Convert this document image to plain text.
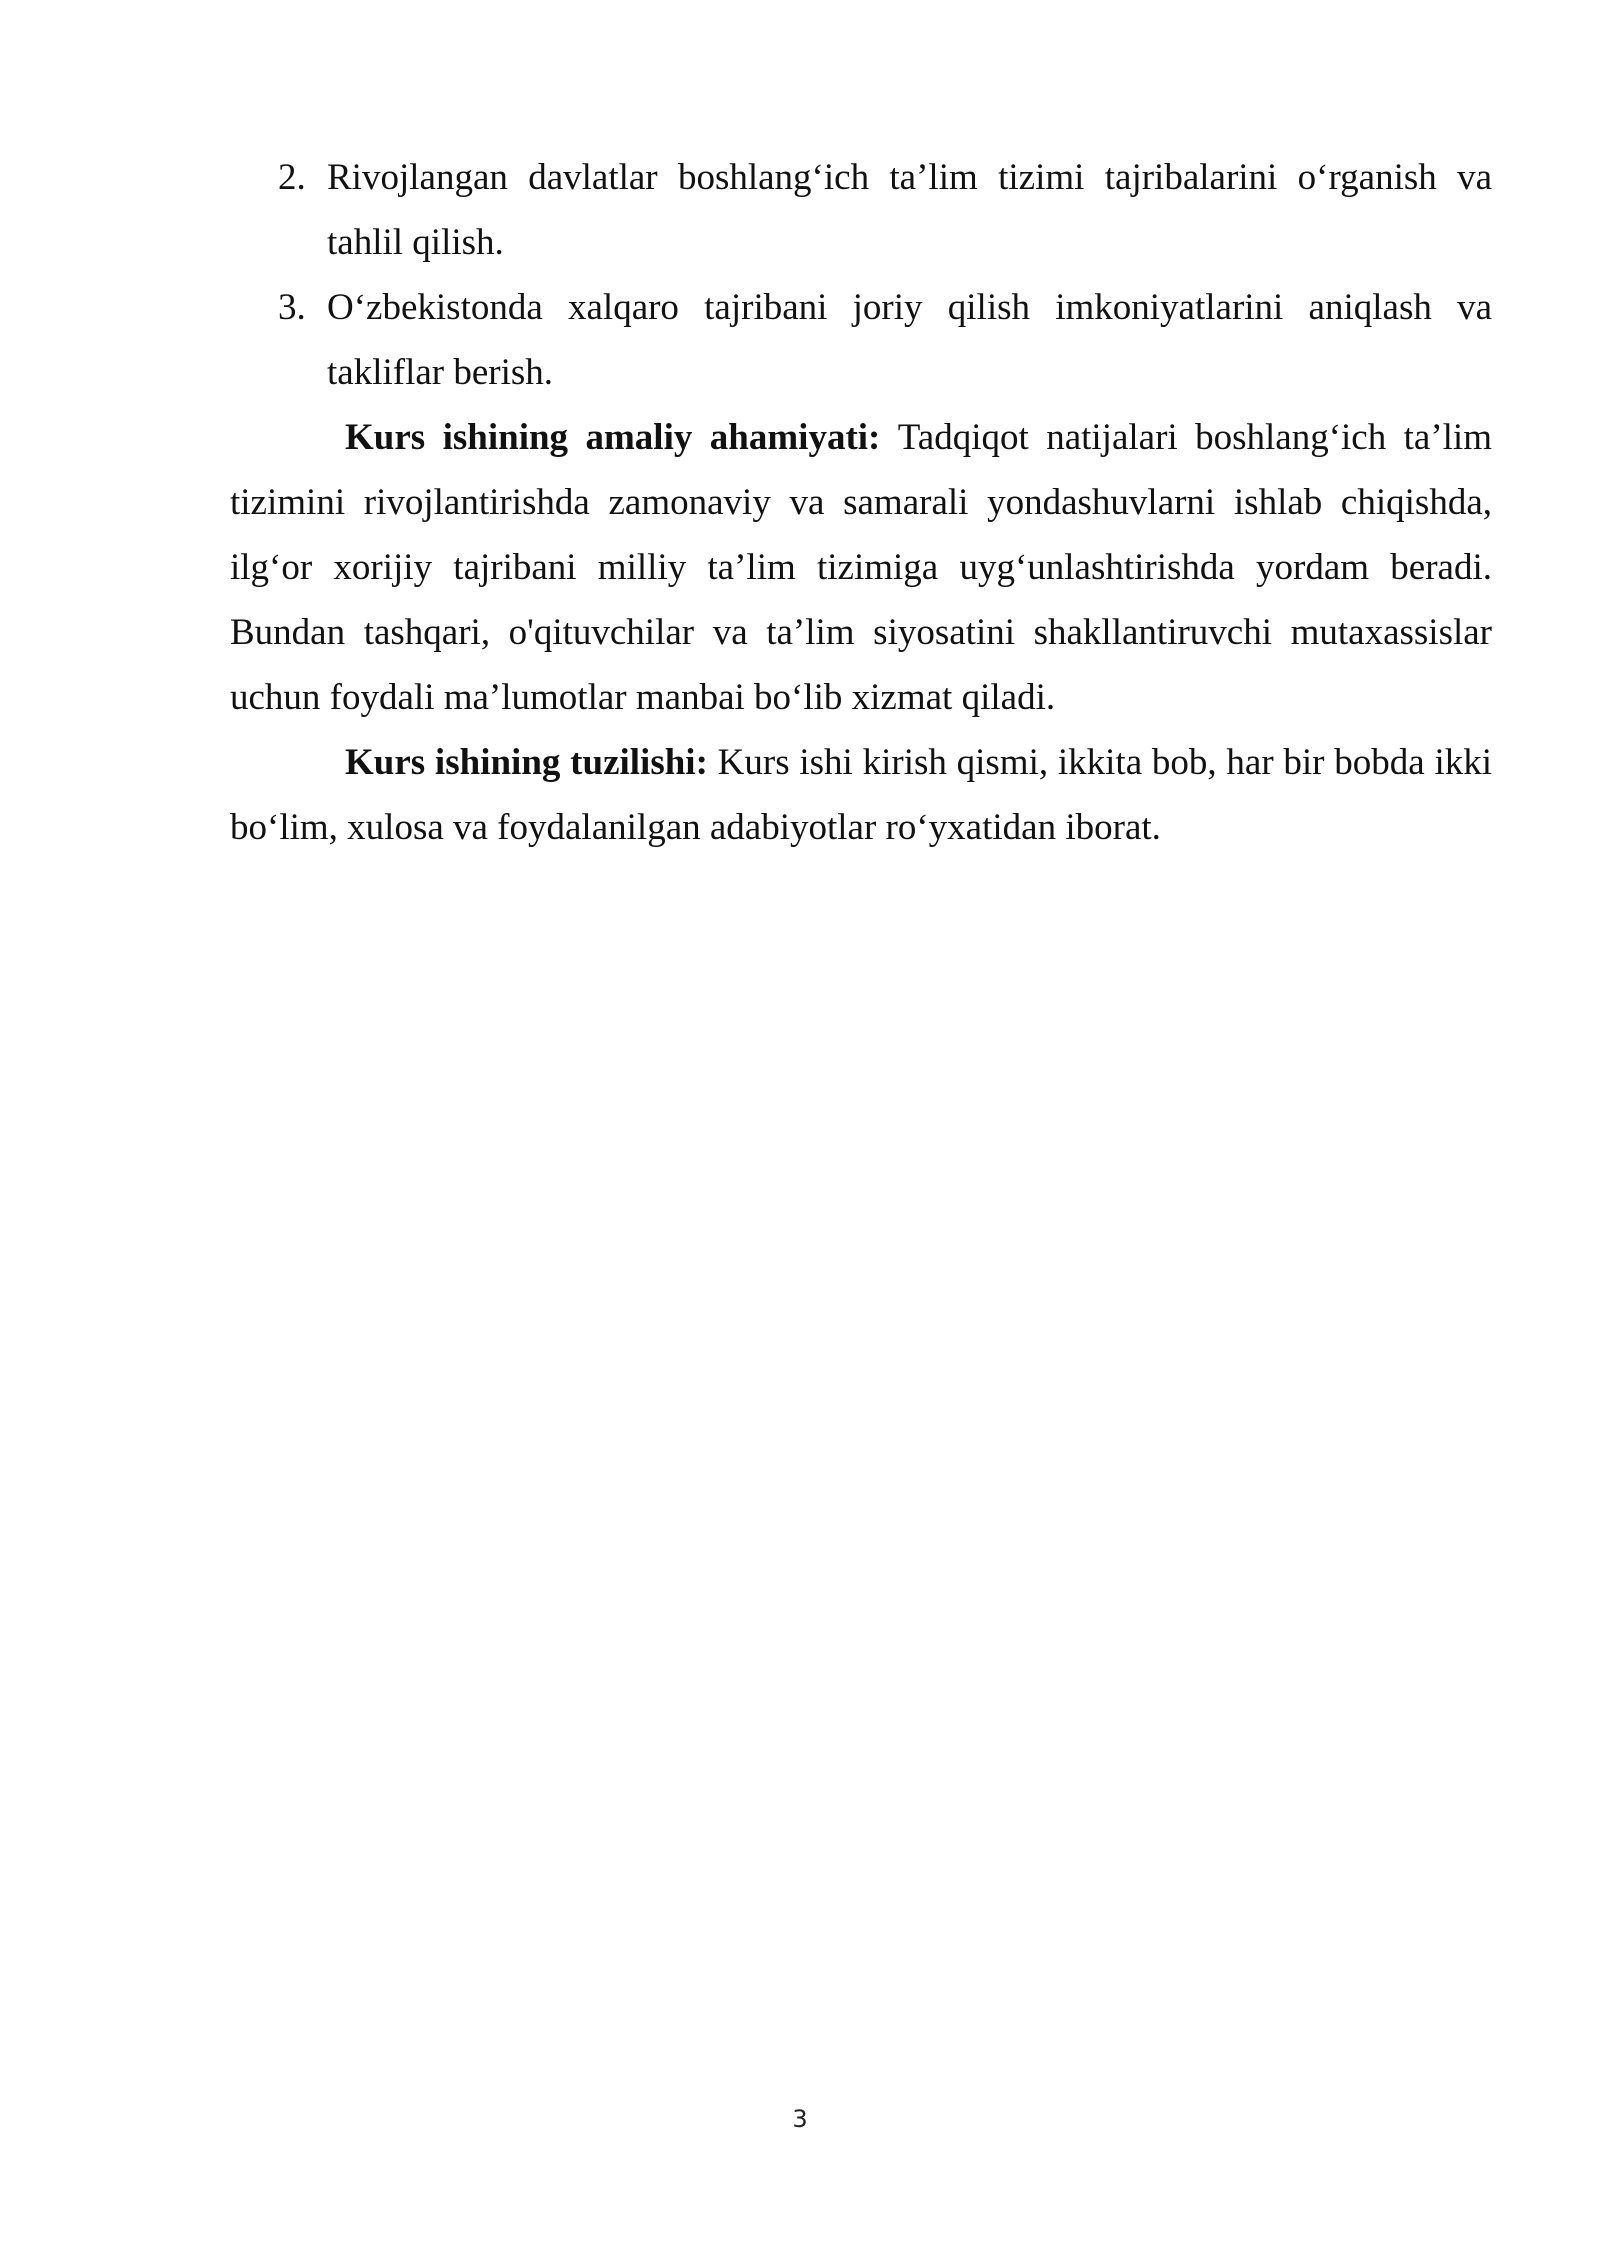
2. Rivojlangan davlatlar boshlang‘ich ta’lim tizimi tajribalarini o‘rganish va tahlil qilish.
3. O‘zbekistonda xalqaro tajribani joriy qilish imkoniyatlarini aniqlash va takliflar berish.

Kurs ishining amaliy ahamiyati: Tadqiqot natijalari boshlang‘ich ta’lim tizimini rivojlantirishda zamonaviy va samarali yondashuvlarni ishlab chiqishda, ilg‘or xorijiy tajribani milliy ta’lim tizimiga uyg‘unlashtirishda yordam beradi. Bundan tashqari, o'qituvchilar va ta’lim siyosatini shakllantiruvchi mutaxassislar uchun foydali ma’lumotlar manbai bo‘lib xizmat qiladi.

Kurs ishining tuzilishi: Kurs ishi kirish qismi, ikkita bob, har bir bobda ikki bo‘lim, xulosa va foydalanilgan adabiyotlar ro‘yxatidan iborat.

3
